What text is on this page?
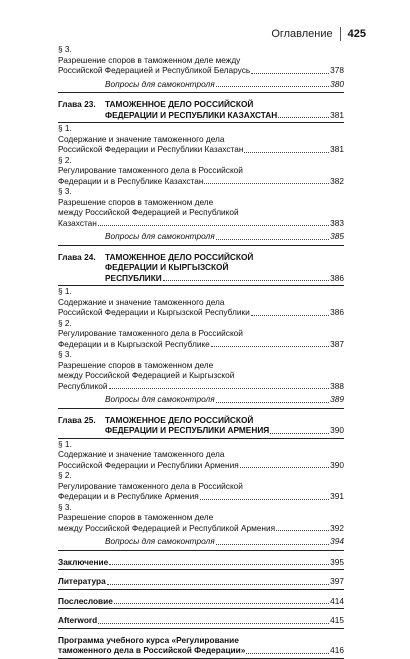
Оглавление 425
§ 3.
Разрешение споров в таможенном деле между
Российской Федерацией и Республикой Беларусь	378
Вопросы для самоконтроля	380
Глава 23. ТАМОЖЕННОЕ ДЕЛО РОССИЙСКОЙ
ФЕДЕРАЦИИ И РЕСПУБЛИКИ КАЗАХСТАН	381
§ 1.
Содержание и значение таможенного дела
Российской Федерации и Республики Казахстан	381
§ 2.
Регулирование таможенного дела в Российской
Федерации и в Республике Казахстан	382
§ 3.
Разрешение споров в таможенном деле
между Российской Федерацией и Республикой
Казахстан	383
Вопросы для самоконтроля	385
Глава 24. ТАМОЖЕННОЕ ДЕЛО РОССИЙСКОЙ
ФЕДЕРАЦИИ И КЫРГЫЗСКОЙ
РЕСПУБЛИКИ	386
§ 1.
Содержание и значение таможенного дела
Российской Федерации и Кыргызской Республики	386
§ 2.
Регулирование таможенного дела в Российской
Федерации и в Кыргызской Республике	387
§ 3.
Разрешение споров в таможенном деле
между Российской Федерацией и Кыргызской
Республикой	388
Вопросы для самоконтроля	389
Глава 25. ТАМОЖЕННОЕ ДЕЛО РОССИЙСКОЙ
ФЕДЕРАЦИИ И РЕСПУБЛИКИ АРМЕНИЯ	390
§ 1.
Содержание и значение таможенного дела
Российской Федерации и Республики Армения	390
§ 2.
Регулирование таможенного дела в Российской
Федерации и в Республике Армения	391
§ 3.
Разрешение споров в таможенном деле
между Российской Федерацией и Республикой Армения	392
Вопросы для самоконтроля	394
Заключение	395
Литература	397
Послесловие	414
Afterword	415
Программа учебного курса «Регулирование
таможенного дела в Российской Федерации»	416
